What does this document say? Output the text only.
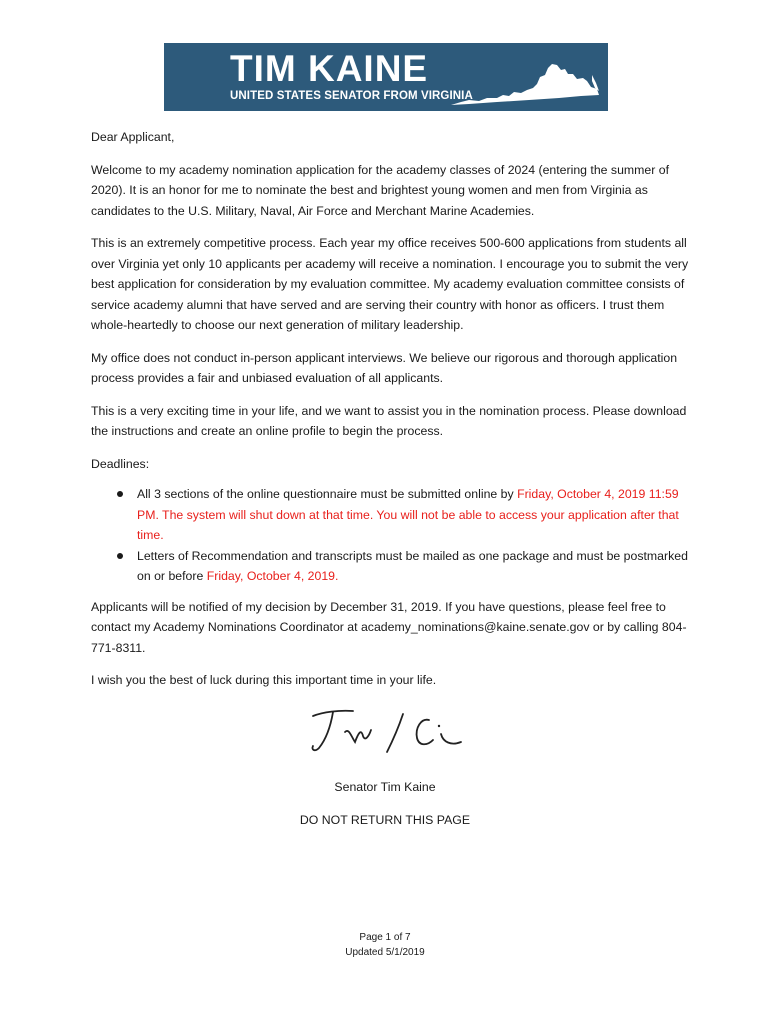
TIM KAINE
UNITED STATES SENATOR FROM VIRGINIA

Dear Applicant,

Welcome to my academy nomination application for the academy classes of 2024 (entering the summer of 2020). It is an honor for me to nominate the best and brightest young women and men from Virginia as candidates to the U.S. Military, Naval, Air Force and Merchant Marine Academies.

This is an extremely competitive process. Each year my office receives 500-600 applications from students all over Virginia yet only 10 applicants per academy will receive a nomination. I encourage you to submit the very best application for consideration by my evaluation committee. My academy evaluation committee consists of service academy alumni that have served and are serving their country with honor as officers. I trust them whole-heartedly to choose our next generation of military leadership.

My office does not conduct in-person applicant interviews. We believe our rigorous and thorough application process provides a fair and unbiased evaluation of all applicants.

This is a very exciting time in your life, and we want to assist you in the nomination process. Please download the instructions and create an online profile to begin the process.

Deadlines:

All 3 sections of the online questionnaire must be submitted online by Friday, October 4, 2019 11:59 PM. The system will shut down at that time. You will not be able to access your application after that time.
Letters of Recommendation and transcripts must be mailed as one package and must be postmarked on or before Friday, October 4, 2019.

Applicants will be notified of my decision by December 31, 2019. If you have questions, please feel free to contact my Academy Nominations Coordinator at academy_nominations@kaine.senate.gov or by calling 804-771-8311.

I wish you the best of luck during this important time in your life.

Senator Tim Kaine
DO NOT RETURN THIS PAGE
Page 1 of 7
Updated 5/1/2019
